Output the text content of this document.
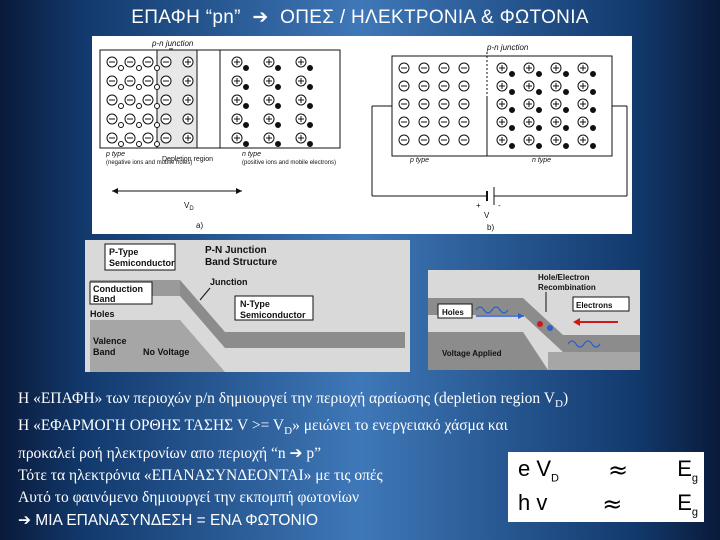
ΕΠΑΦΗ “pn” ➔ ΟΠΕΣ / ΗΛΕΚΤΡΟΝΙΑ & ΦΩΤΟΝΙΑ
p-n junction
p type
(negative ions and mobile holes)
Depletion region
n type
(positive ions and mobile electrons)
$V_D$
a)
p-n junction
p type	n type
+ -
V
b)
P-Type
Semiconductor
P-N Junction
Band Structure
Junction
Conduction
Band	N-Type
Semiconductor
Holes
Valence
Band	No Voltage
Hole/Electron
Recombination
Holes
Electrons
Voltage Applied

Η «ΕΠΑΦΗ» των περιοχών p/n δημιουργεί την περιοχή αραίωσης (depletion region $V_D$)

Η «ΕΦΑΡΜΟΓΗ ΟΡΘΗΣ ΤΑΣΗΣ $V >= V_D$» μειώνει το ενεργειακό χάσμα και

προκαλεί ροή ηλεκτρονίων απο περιοχή “n ➔ p”

Τότε τα ηλεκτρόνια «ΕΠΑΝΑΣΥΝΔΕΟΝΤΑΙ» με τις οπές

Αυτό το φαινόμενο δημιουργεί την εκπομπή φωτονίων

➔ ΜΙΑ ΕΠΑΝΑΣΥΝΔΕΣΗ = ΕΝΑ ΦΩΤΟΝΙΟ

e $V_D \approx E_g$
h $v \approx E_g$
